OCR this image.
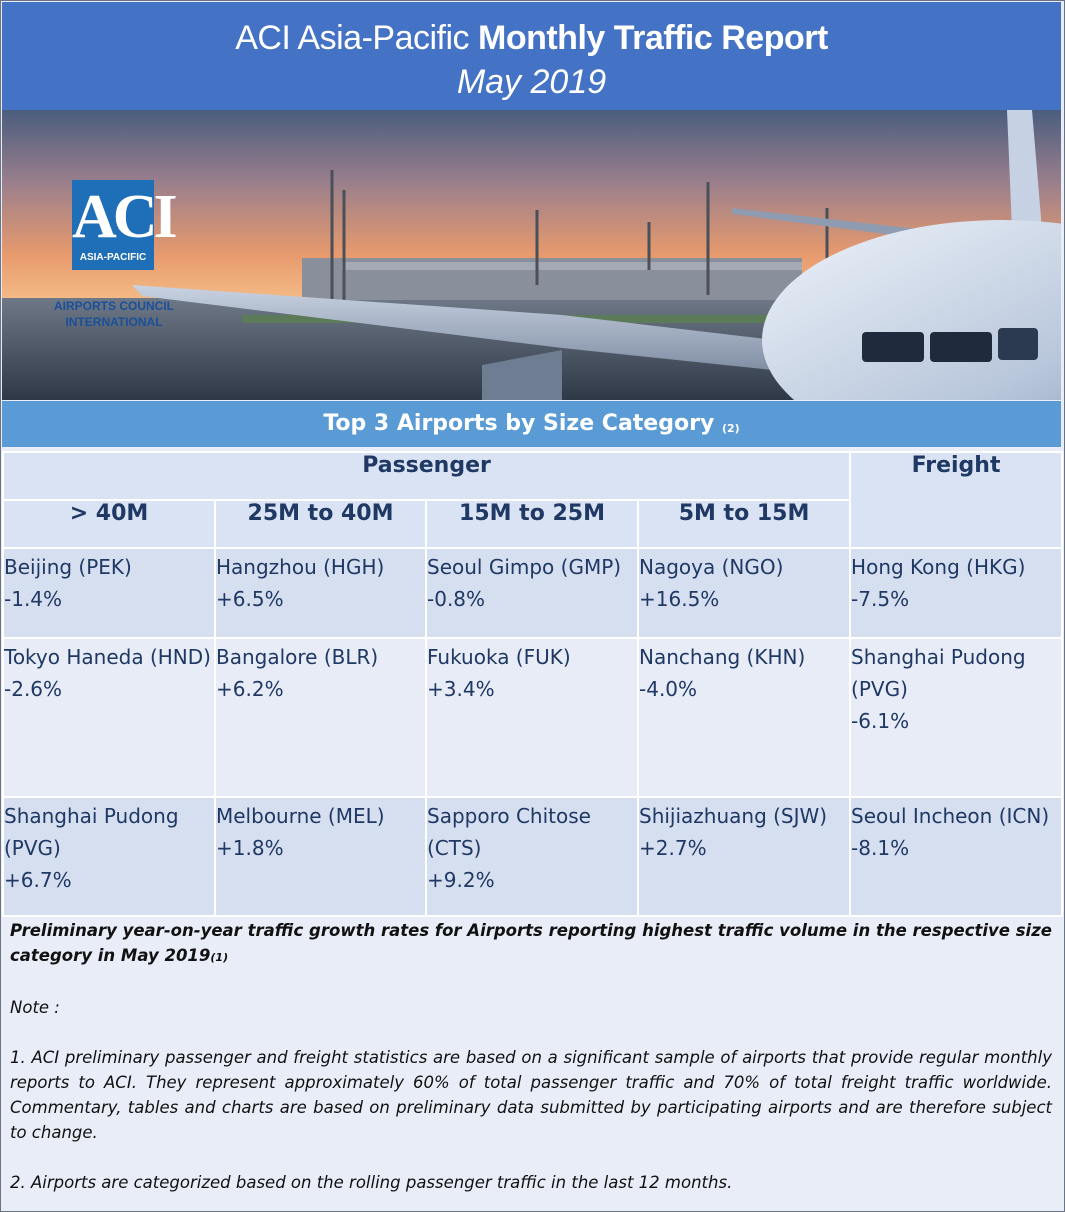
ACI Asia-Pacific Monthly Traffic Report
May 2019
ACI
ASIA-PACIFIC
AIRPORTS COUNCIL
INTERNATIONAL
Top 3 Airports by Size Category $_{(2)}$
Passenger				Freight
> 40M	25M to 40M	15M to 25M	5M to 15M	
Beijing (PEK)
-1.4%	Hangzhou (HGH)
+6.5%	Seoul Gimpo (GMP) -0.8%	Nagoya (NGO)
+16.5%	Hong Kong (HKG)
-7.5%
Tokyo Haneda (HND)
-2.6%	Bangalore (BLR)
+6.2%	Fukuoka (FUK)
+3.4%	Nanchang (KHN)
-4.0%	Shanghai Pudong (PVG)
-6.1%
Shanghai Pudong (PVG)
+6.7%	Melbourne (MEL)
+1.8%	Sapporo Chitose (CTS)
+9.2%	Shijiazhuang (SJW)
+2.7%	Seoul Incheon (ICN)
-8.1%

Preliminary year-on-year traffic growth rates for Airports reporting highest traffic volume in the respective size category in May 2019(1)

Note :

1. ACI preliminary passenger and freight statistics are based on a significant sample of airports that provide regular monthly reports to ACI. They represent approximately 60% of total passenger traffic and 70% of total freight traffic worldwide. Commentary, tables and charts are based on preliminary data submitted by participating airports and are therefore subject to change.

2. Airports are categorized based on the rolling passenger traffic in the last 12 months.
